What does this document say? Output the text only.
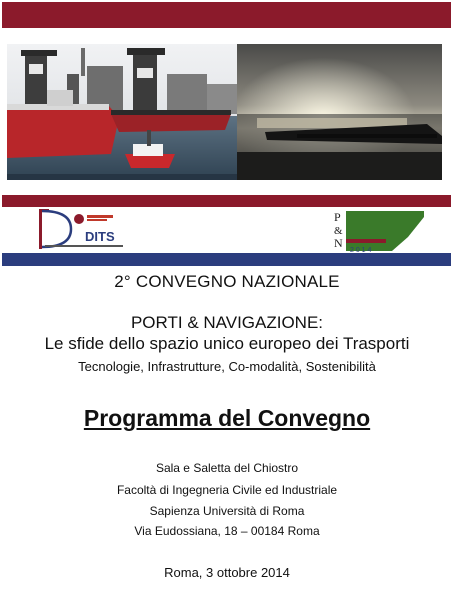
DITS
P
&
N
2 0 1 4
2° CONVEGNO NAZIONALE
PORTI & NAVIGAZIONE:
Le sfide dello spazio unico europeo dei Trasporti
Tecnologie, Infrastrutture, Co-modalità, Sostenibilità
Programma del Convegno
Sala e Saletta del Chiostro
Facoltà di Ingegneria Civile ed Industriale
Sapienza Università di Roma
Via Eudossiana, 18 – 00184 Roma
Roma, 3 ottobre 2014
